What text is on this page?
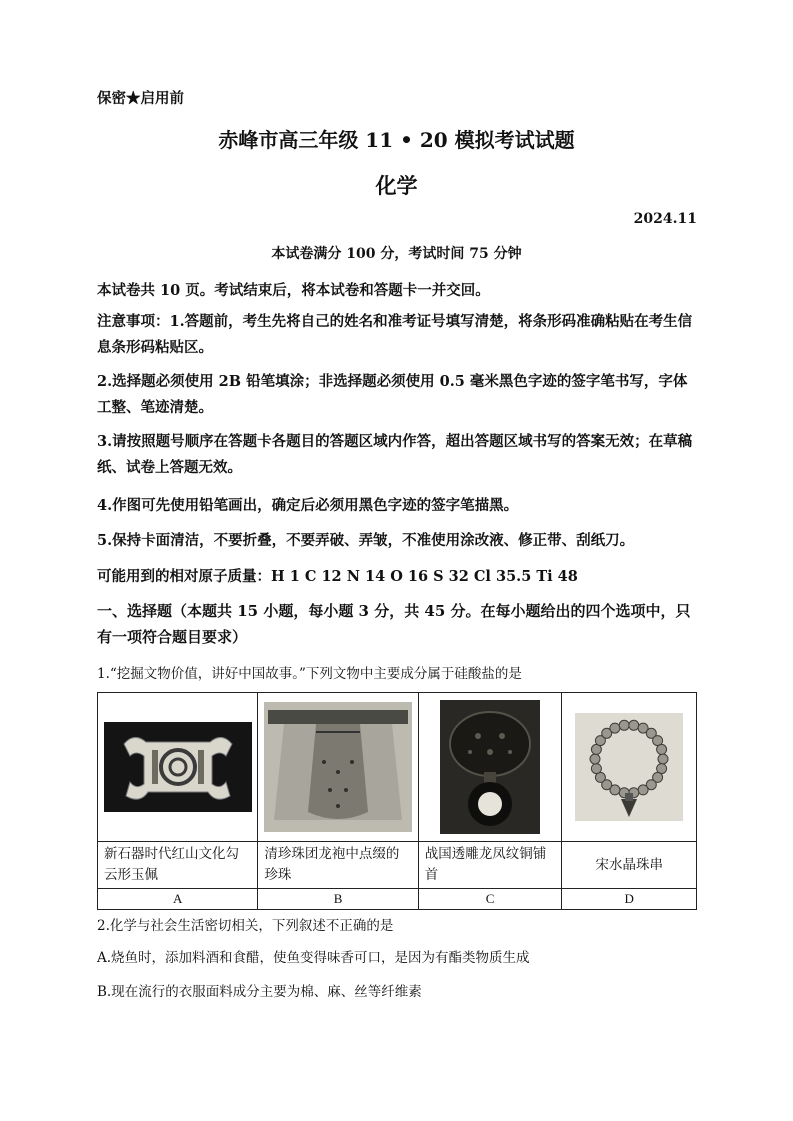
保密★启用前
赤峰市高三年级 11 • 20 模拟考试试题
化学
2024.11
本试卷满分 100 分，考试时间 75 分钟
本试卷共 10 页。考试结束后，将本试卷和答题卡一并交回。
注意事项：1.答题前，考生先将自己的姓名和准考证号填写清楚，将条形码准确粘贴在考生信息条形码粘贴区。
2.选择题必须使用 2B 铅笔填涂；非选择题必须使用 0.5 毫米黑色字迹的签字笔书写，字体工整、笔迹清楚。
3.请按照题号顺序在答题卡各题目的答题区域内作答，超出答题区域书写的答案无效；在草稿纸、试卷上答题无效。
4.作图可先使用铅笔画出，确定后必须用黑色字迹的签字笔描黑。
5.保持卡面清洁，不要折叠，不要弄破、弄皱，不准使用涂改液、修正带、刮纸刀。
可能用到的相对原子质量：H 1 C 12 N 14 O 16 S 32 Cl 35.5 Ti 48
一、选择题（本题共 15 小题，每小题 3 分，共 45 分。在每小题给出的四个选项中，只有一项符合题目要求）
1.“挖掘文物价值，讲好中国故事。”下列文物中主要成分属于硅酸盐的是

新石器时代红山文化勾云形玉佩	清珍珠团龙袍中点缀的珍珠	战国透雕龙凤纹铜铺首	宋水晶珠串
A	B	C	D
2.化学与社会生活密切相关，下列叙述不正确的是
A.烧鱼时，添加料酒和食醋，使鱼变得味香可口，是因为有酯类物质生成
B.现在流行的衣服面料成分主要为棉、麻、丝等纤维素
